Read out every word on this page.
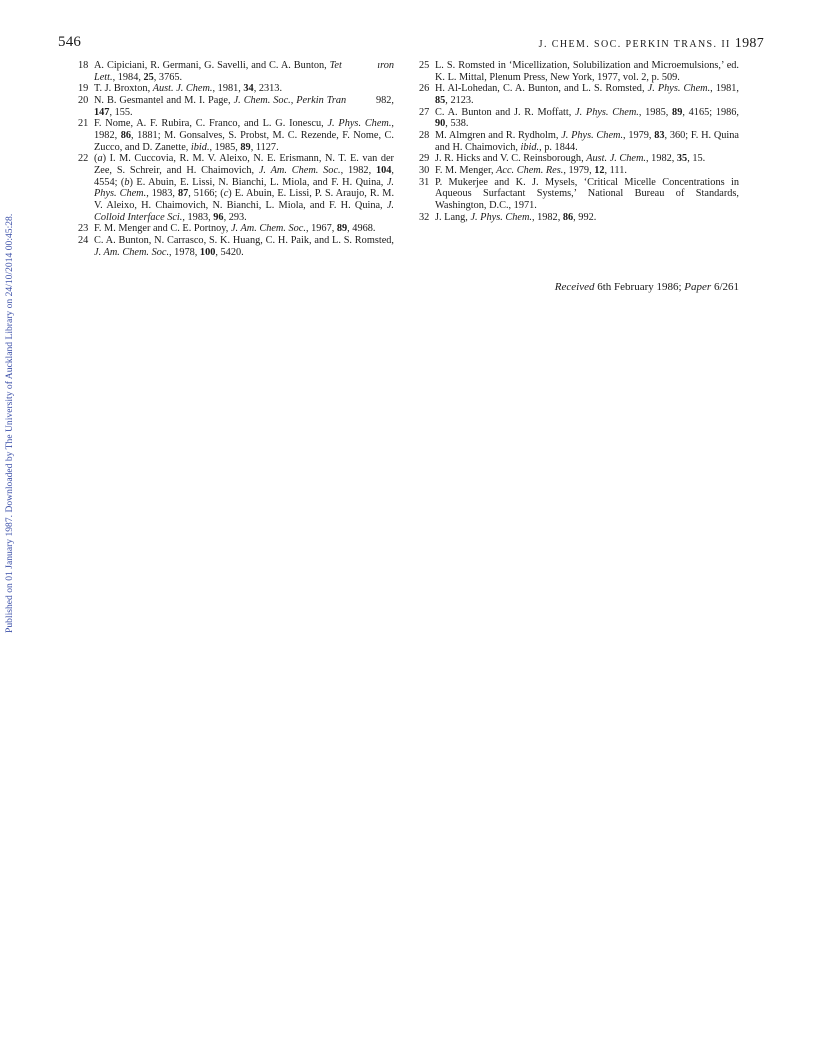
546	J. CHEM. SOC. PERKIN TRANS. II 1987
Published on 01 January 1987. Downloaded by The University of Auckland Library on 24/10/2014 00:45:28.
18 A. Cipiciani, R. Germani, G. Savelli, and C. A. Bunton, Tet            ıron Lett., 1984, 25, 3765.
19 T. J. Broxton, Aust. J. Chem., 1981, 34, 2313.
20 N. B. Gesmantel and M. I. Page, J. Chem. Soc., Perkin Tran          982, 147, 155.
21 F. Nome, A. F. Rubira, C. Franco, and L. G. Ionescu, J. Phys. Chem., 1982, 86, 1881; M. Gonsalves, S. Probst, M. C. Rezende, F. Nome, C. Zucco, and D. Zanette, ibid., 1985, 89, 1127.
22 (a) I. M. Cuccovia, R. M. V. Aleixo, N. E. Erismann, N. T. E. van der Zee, S. Schreir, and H. Chaimovich, J. Am. Chem. Soc., 1982, 104, 4554; (b) E. Abuin, E. Lissi, N. Bianchi, L. Miola, and F. H. Quina, J. Phys. Chem., 1983, 87, 5166; (c) E. Abuin, E. Lissi, P. S. Araujo, R. M. V. Aleixo, H. Chaimovich, N. Bianchi, L. Miola, and F. H. Quina, J. Colloid Interface Sci., 1983, 96, 293.
23 F. M. Menger and C. E. Portnoy, J. Am. Chem. Soc., 1967, 89, 4968.
24 C. A. Bunton, N. Carrasco, S. K. Huang, C. H. Paik, and L. S. Romsted, J. Am. Chem. Soc., 1978, 100, 5420.
25 L. S. Romsted in ‘Micellization, Solubilization and Microemulsions,’ ed. K. L. Mittal, Plenum Press, New York, 1977, vol. 2, p. 509.
26 H. Al-Lohedan, C. A. Bunton, and L. S. Romsted, J. Phys. Chem., 1981, 85, 2123.
27 C. A. Bunton and J. R. Moffatt, J. Phys. Chem., 1985, 89, 4165; 1986, 90, 538.
28 M. Almgren and R. Rydholm, J. Phys. Chem., 1979, 83, 360; F. H. Quina and H. Chaimovich, ibid., p. 1844.
29 J. R. Hicks and V. C. Reinsborough, Aust. J. Chem., 1982, 35, 15.
30 F. M. Menger, Acc. Chem. Res., 1979, 12, 111.
31 P. Mukerjee and K. J. Mysels, ‘Critical Micelle Concentrations in Aqueous Surfactant Systems,’ National Bureau of Standards, Washington, D.C., 1971.
32 J. Lang, J. Phys. Chem., 1982, 86, 992.
Received 6th February 1986; Paper 6/261
